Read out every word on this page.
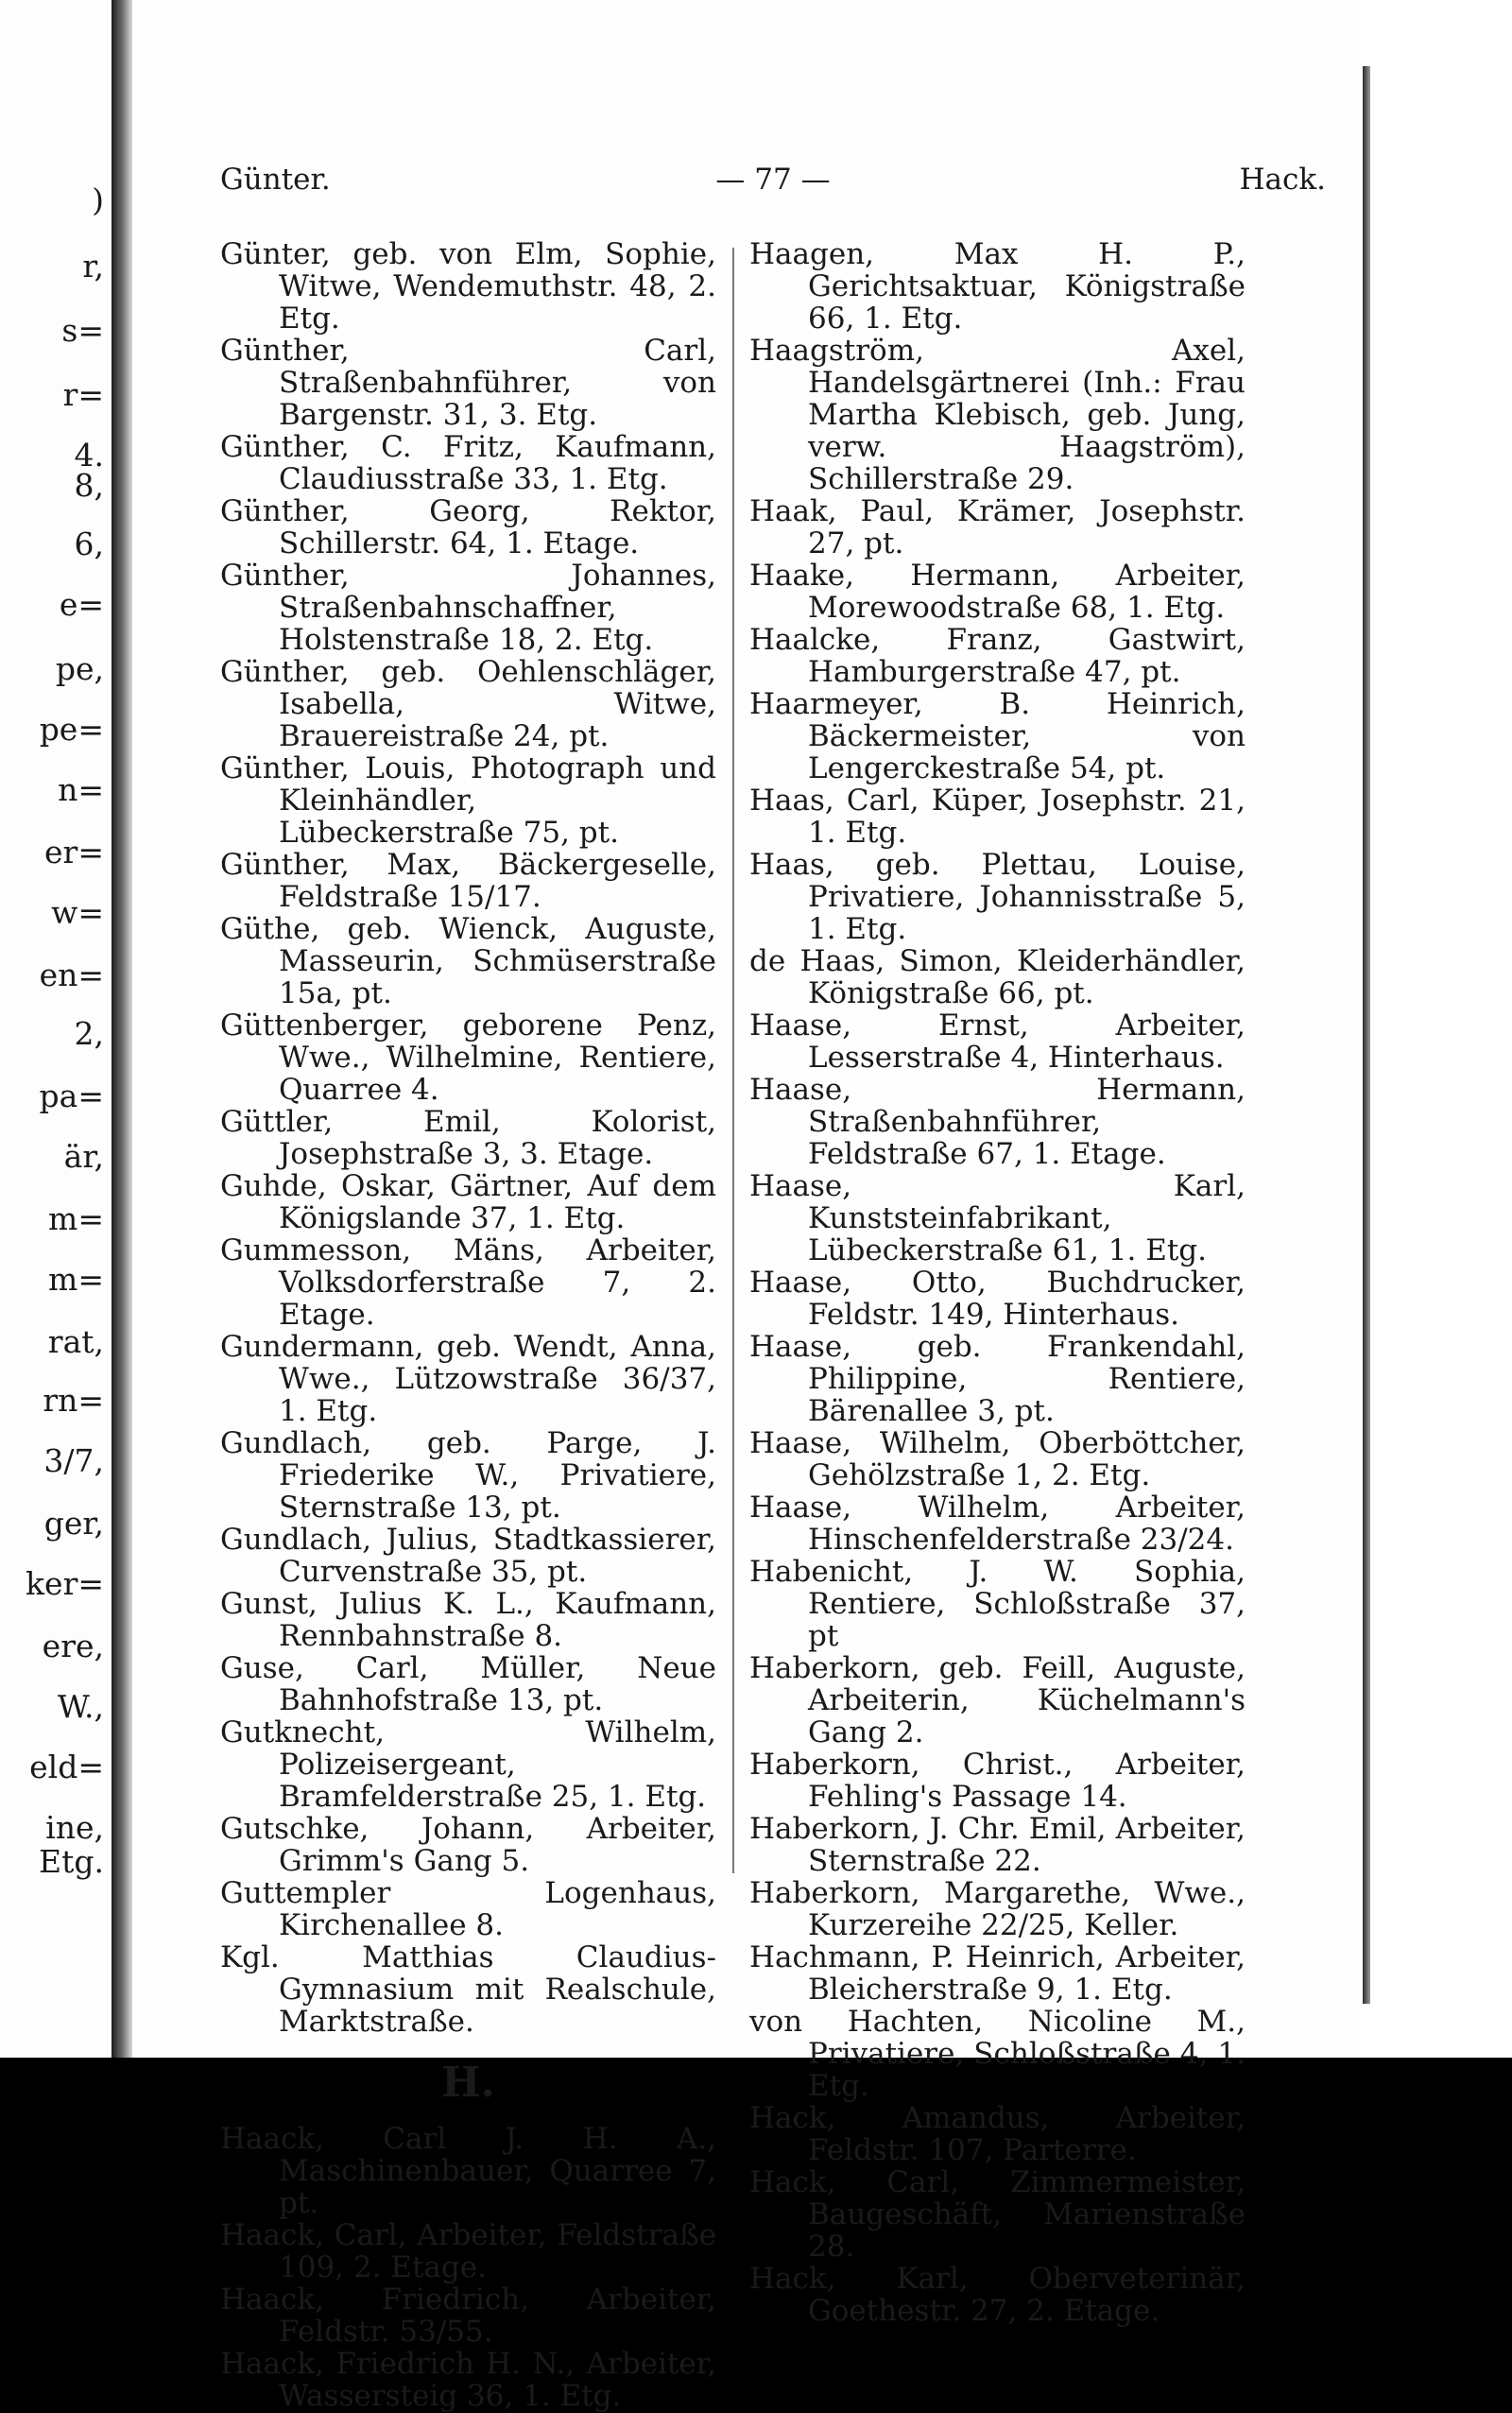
)
r,
s=
r=
4.
8,
6,
e=
pe,
pe=
n=
er=
w=
en=
2,
pa=
är,
m=
m=
rat,
rn=
3/7,
ger,
ker=
ere,
W.,
eld=
ine,
Etg.
Günter.	— 77 —	Hack.
Günter, geb. von Elm, Sophie, Witwe, Wendemuthstr. 48, 2. Etg.
Günther, Carl, Straßenbahnführer, von Bargenstr. 31, 3. Etg.
Günther, C. Fritz, Kaufmann, Claudiusstraße 33, 1. Etg.
Günther, Georg, Rektor, Schillerstr. 64, 1. Etage.
Günther, Johannes, Straßenbahnschaffner, Holstenstraße 18, 2. Etg.
Günther, geb. Oehlenschläger, Isabella, Witwe, Brauereistraße 24, pt.
Günther, Louis, Photograph und Kleinhändler, Lübeckerstraße 75, pt.
Günther, Max, Bäckergeselle, Feldstraße 15/17.
Güthe, geb. Wienck, Auguste, Masseurin, Schmüserstraße 15a, pt.
Güttenberger, geborene Penz, Wwe., Wilhelmine, Rentiere, Quarree 4.
Güttler, Emil, Kolorist, Josephstraße 3, 3. Etage.
Guhde, Oskar, Gärtner, Auf dem Königslande 37, 1. Etg.
Gummesson, Mäns, Arbeiter, Volksdorferstraße 7, 2. Etage.
Gundermann, geb. Wendt, Anna, Wwe., Lützowstraße 36/37, 1. Etg.
Gundlach, geb. Parge, J. Friederike W., Privatiere, Sternstraße 13, pt.
Gundlach, Julius, Stadtkassierer, Curvenstraße 35, pt.
Gunst, Julius K. L., Kaufmann, Rennbahnstraße 8.
Guse, Carl, Müller, Neue Bahnhofstraße 13, pt.
Gutknecht, Wilhelm, Polizeisergeant, Bramfelderstraße 25, 1. Etg.
Gutschke, Johann, Arbeiter, Grimm's Gang 5.
Guttempler Logenhaus, Kirchenallee 8.
Kgl. Matthias Claudius-Gymnasium mit Realschule, Marktstraße.
H.
Haack, Carl J. H. A., Maschinenbauer, Quarree 7, pt.
Haack, Carl, Arbeiter, Feldstraße 109, 2. Etage.
Haack, Friedrich, Arbeiter, Feldstr. 53/55.
Haack, Friedrich H. N., Arbeiter, Wassersteig 36, 1. Etg.
Haagen, Max H. P., Gerichtsaktuar, Königstraße 66, 1. Etg.
Haagström, Axel, Handelsgärtnerei (Inh.: Frau Martha Klebisch, geb. Jung, verw. Haagström), Schillerstraße 29.
Haak, Paul, Krämer, Josephstr. 27, pt.
Haake, Hermann, Arbeiter, Morewoodstraße 68, 1. Etg.
Haalcke, Franz, Gastwirt, Hamburgerstraße 47, pt.
Haarmeyer, B. Heinrich, Bäckermeister, von Lengerckestraße 54, pt.
Haas, Carl, Küper, Josephstr. 21, 1. Etg.
Haas, geb. Plettau, Louise, Privatiere, Johannisstraße 5, 1. Etg.
de Haas, Simon, Kleiderhändler, Königstraße 66, pt.
Haase, Ernst, Arbeiter, Lesserstraße 4, Hinterhaus.
Haase, Hermann, Straßenbahnführer, Feldstraße 67, 1. Etage.
Haase, Karl, Kunststeinfabrikant, Lübeckerstraße 61, 1. Etg.
Haase, Otto, Buchdrucker, Feldstr. 149, Hinterhaus.
Haase, geb. Frankendahl, Philippine, Rentiere, Bärenallee 3, pt.
Haase, Wilhelm, Oberböttcher, Gehölzstraße 1, 2. Etg.
Haase, Wilhelm, Arbeiter, Hinschenfelderstraße 23/24.
Habenicht, J. W. Sophia, Rentiere, Schloßstraße 37, pt
Haberkorn, geb. Feill, Auguste, Arbeiterin, Küchelmann's Gang 2.
Haberkorn, Christ., Arbeiter, Fehling's Passage 14.
Haberkorn, J. Chr. Emil, Arbeiter, Sternstraße 22.
Haberkorn, Margarethe, Wwe., Kurzereihe 22/25, Keller.
Hachmann, P. Heinrich, Arbeiter, Bleicherstraße 9, 1. Etg.
von Hachten, Nicoline M., Privatiere, Schloßstraße 4, 1. Etg.
Hack, Amandus, Arbeiter, Feldstr. 107, Parterre.
Hack, Carl, Zimmermeister, Baugeschäft, Marienstraße 28.
Hack, Karl, Oberveterinär, Goethestr. 27, 2. Etage.
